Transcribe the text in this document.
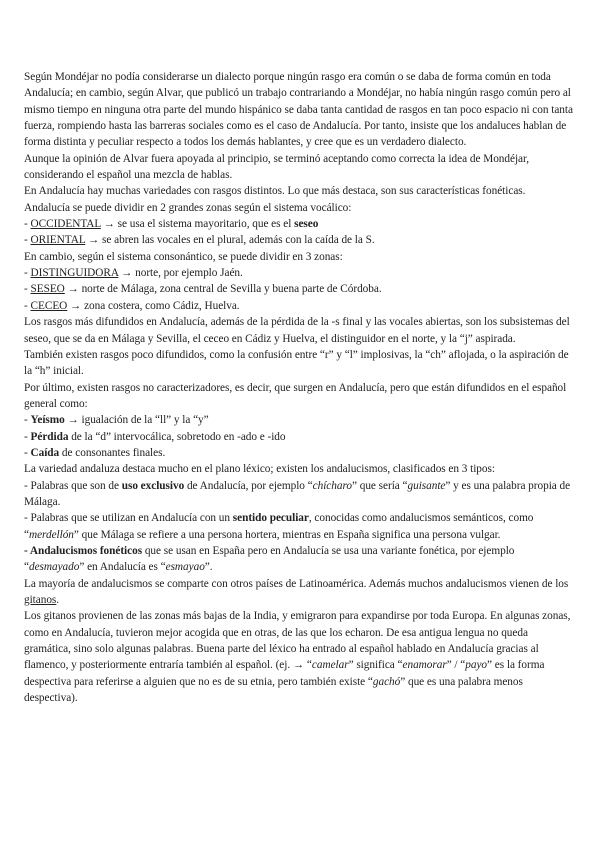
Según Mondéjar no podía considerarse un dialecto porque ningún rasgo era común o se daba de forma común en toda Andalucía; en cambio, según Alvar, que publicó un trabajo contrariando a Mondéjar, no había ningún rasgo común pero al mismo tiempo en ninguna otra parte del mundo hispánico se daba tanta cantidad de rasgos en tan poco espacio ni con tanta fuerza, rompiendo hasta las barreras sociales como es el caso de Andalucía. Por tanto, insiste que los andaluces hablan de forma distinta y peculiar respecto a todos los demás hablantes, y cree que es un verdadero dialecto.

Aunque la opinión de Alvar fuera apoyada al principio, se terminó aceptando como correcta la idea de Mondéjar, considerando el español una mezcla de hablas.

En Andalucía hay muchas variedades con rasgos distintos. Lo que más destaca, son sus características fonéticas.

Andalucía se puede dividir en 2 grandes zonas según el sistema vocálico:

- OCCIDENTAL → se usa el sistema mayoritario, que es el seseo

- ORIENTAL → se abren las vocales en el plural, además con la caída de la S.

En cambio, según el sistema consonántico, se puede dividir en 3 zonas:

- DISTINGUIDORA → norte, por ejemplo Jaén.

- SESEO → norte de Málaga, zona central de Sevilla y buena parte de Córdoba.

- CECEO → zona costera, como Cádiz, Huelva.

Los rasgos más difundidos en Andalucía, además de la pérdida de la -s final y las vocales abiertas, son los subsistemas del seseo, que se da en Málaga y Sevilla, el ceceo en Cádiz y Huelva, el distinguidor en el norte, y la “j” aspirada.

También existen rasgos poco difundidos, como la confusión entre “r” y “l” implosivas, la “ch” aflojada, o la aspiración de la “h” inicial.

Por último, existen rasgos no caracterizadores, es decir, que surgen en Andalucía, pero que están difundidos en el español general como:

- Yeísmo → igualación de la “ll” y la “y”

- Pérdida de la “d” intervocálica, sobretodo en -ado e -ido

- Caída de consonantes finales.

La variedad andaluza destaca mucho en el plano léxico; existen los andalucismos, clasificados en 3 tipos:

- Palabras que son de uso exclusivo de Andalucía, por ejemplo “chícharo” que sería “guisante” y es una palabra propia de Málaga.

- Palabras que se utilizan en Andalucía con un sentido peculiar, conocidas como andalucismos semánticos, como “merdellón” que Málaga se refiere a una persona hortera, mientras en España significa una persona vulgar.

- Andalucismos fonéticos que se usan en España pero en Andalucía se usa una variante fonética, por ejemplo “desmayado” en Andalucía es “esmayao”.

La mayoría de andalucismos se comparte con otros países de Latinoamérica. Además muchos andalucismos vienen de los gitanos.

Los gitanos provienen de las zonas más bajas de la India, y emigraron para expandirse por toda Europa. En algunas zonas, como en Andalucía, tuvieron mejor acogida que en otras, de las que los echaron. De esa antigua lengua no queda gramática, sino solo algunas palabras. Buena parte del léxico ha entrado al español hablado en Andalucía gracias al flamenco, y posteriormente entraría también al español. (ej. → “camelar” significa “enamorar” / “payo” es la forma despectiva para referirse a alguien que no es de su etnia, pero también existe “gachó” que es una palabra menos despectiva).
